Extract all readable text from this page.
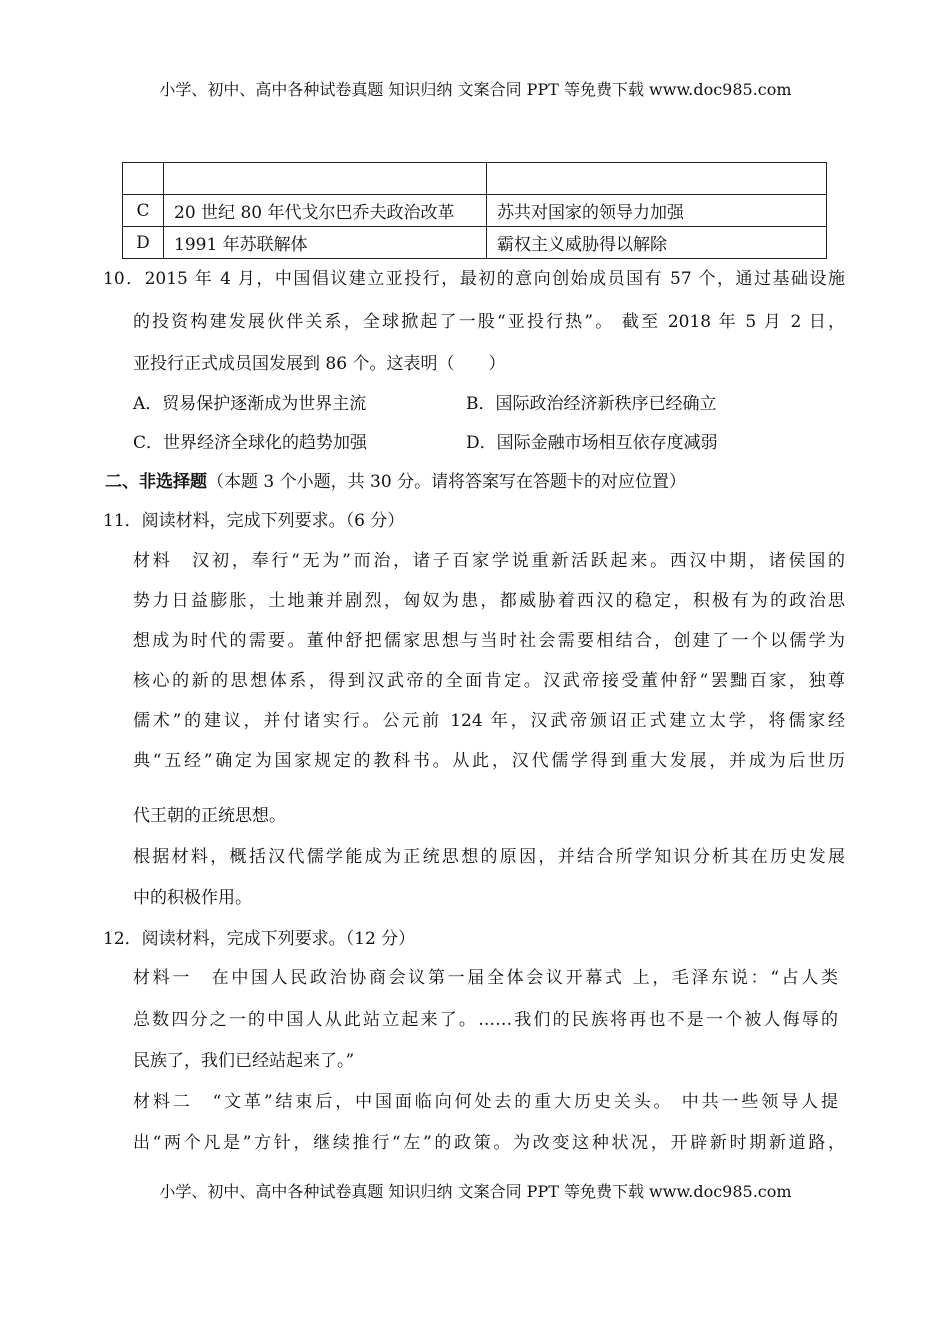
小学、初中、高中各种试卷真题 知识归纳 文案合同 PPT 等免费下载 www.doc985.com

C	20 世纪 80 年代戈尔巴乔夫政治改革	苏共对国家的领导力加强
D	1991 年苏联解体	霸权主义威胁得以解除
10．2015 年 4 月，中国倡议建立亚投行，最初的意向创始成员国有 57 个，通过基础设施
的投资构建发展伙伴关系，全球掀起了一股“亚投行热”。 截至 2018 年 5 月 2 日，
亚投行正式成员国发展到 86 个。这表明（　　）
A．贸易保护逐渐成为世界主流	B．国际政治经济新秩序已经确立
C．世界经济全球化的趋势加强	D．国际金融市场相互依存度减弱
二、非选择题（本题 3 个小题，共 30 分。请将答案写在答题卡的对应位置）
11．阅读材料，完成下列要求。（6 分）
材料　汉初，奉行“无为”而治，诸子百家学说重新活跃起来。西汉中期，诸侯国的
势力日益膨胀，土地兼并剧烈，匈奴为患，都威胁着西汉的稳定，积极有为的政治思
想成为时代的需要。董仲舒把儒家思想与当时社会需要相结合，创建了一个以儒学为
核心的新的思想体系，得到汉武帝的全面肯定。汉武帝接受董仲舒“罢黜百家，独尊
儒术”的建议，并付诸实行。公元前 124 年，汉武帝颁诏正式建立太学，将儒家经
典“五经”确定为国家规定的教科书。从此，汉代儒学得到重大发展，并成为后世历
代王朝的正统思想。
根据材料，概括汉代儒学能成为正统思想的原因，并结合所学知识分析其在历史发展
中的积极作用。
12．阅读材料，完成下列要求。（12 分）
材料一　在中国人民政治协商会议第一届全体会议开幕式 上，毛泽东说：“占人类
总数四分之一的中国人从此站立起来了。……我们的民族将再也不是一个被人侮辱的
民族了，我们已经站起来了。”
材料二　“文革”结束后，中国面临向何处去的重大历史关头。 中共一些领导人提
出“两个凡是”方针，继续推行“左”的政策。为改变这种状况，开辟新时期新道路，
小学、初中、高中各种试卷真题 知识归纳 文案合同 PPT 等免费下载 www.doc985.com
